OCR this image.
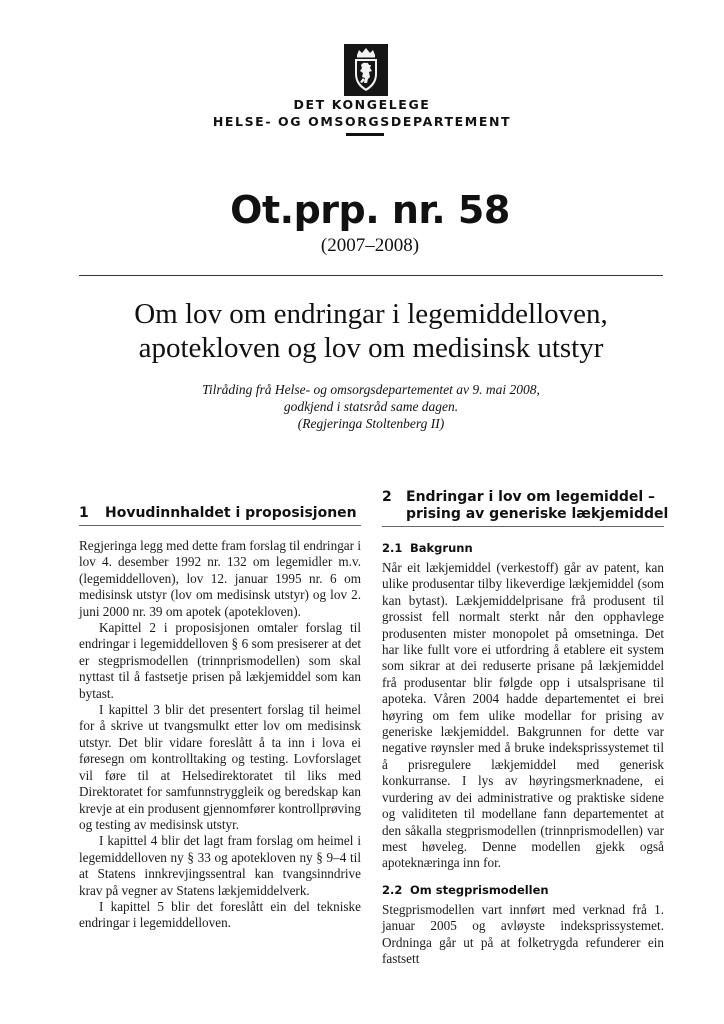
DET KONGELEGE
HELSE- OG OMSORGSDEPARTEMENT
Ot.prp. nr. 58
(2007–2008)
Om lov om endringar i legemiddelloven,
apotekloven og lov om medisinsk utstyr
Tilråding frå Helse- og omsorgsdepartementet av 9. mai 2008,
godkjend i statsråd same dagen.
(Regjeringa Stoltenberg II)
1 Hovudinnhaldet i proposisjonen

Regjeringa legg med dette fram forslag til endringar i lov 4. desember 1992 nr. 132 om legemidler m.v. (legemiddelloven), lov 12. januar 1995 nr. 6 om medisinsk utstyr (lov om medisinsk utstyr) og lov 2. juni 2000 nr. 39 om apotek (apotekloven).

Kapittel 2 i proposisjonen omtaler forslag til endringar i legemiddelloven § 6 som presiserer at det er stegprismodellen (trinnprismodellen) som skal nyttast til å fastsetje prisen på lækjemiddel som kan bytast.

I kapittel 3 blir det presentert forslag til heimel for å skrive ut tvangsmulkt etter lov om medisinsk utstyr. Det blir vidare foreslått å ta inn i lova ei føresegn om kontrolltaking og testing. Lovforslaget vil føre til at Helsedirektoratet til liks med Direktoratet for samfunnstryggleik og beredskap kan krevje at ein produsent gjennomfører kontrollprøving og testing av medisinsk utstyr.

I kapittel 4 blir det lagt fram forslag om heimel i legemiddelloven ny § 33 og apotekloven ny § 9–4 til at Statens innkrevjingssentral kan tvangsinndrive krav på vegner av Statens lækjemiddelverk.

I kapittel 5 blir det foreslått ein del tekniske endringar i legemiddelloven.

2 Endringar i lov om legemiddel –
prising av generiske lækjemiddel
2.1 Bakgrunn

Når eit lækjemiddel (verkestoff) går av patent, kan ulike produsentar tilby likeverdige lækjemiddel (som kan bytast). Lækjemiddelprisane frå produsent til grossist fell normalt sterkt når den opphavlege produsenten mister monopolet på omsetninga. Det har like fullt vore ei utfordring å etablere eit system som sikrar at dei reduserte prisane på lækjemiddel frå produsentar blir følgde opp i utsalsprisane til apoteka. Våren 2004 hadde departementet ei brei høyring om fem ulike modellar for prising av generiske lækjemiddel. Bakgrunnen for dette var negative røynsler med å bruke indeksprissystemet til å prisregulere lækjemiddel med generisk konkurranse. I lys av høyringsmerknadene, ei vurdering av dei administrative og praktiske sidene og validiteten til modellane fann departementet at den såkalla stegprismodellen (trinnprismodellen) var mest høveleg. Denne modellen gjekk også apoteknæringa inn for.

2.2 Om stegprismodellen

Stegprismodellen vart innført med verknad frå 1. januar 2005 og avløyste indeksprissystemet. Ordninga går ut på at folketrygda refunderer ein fastsett
